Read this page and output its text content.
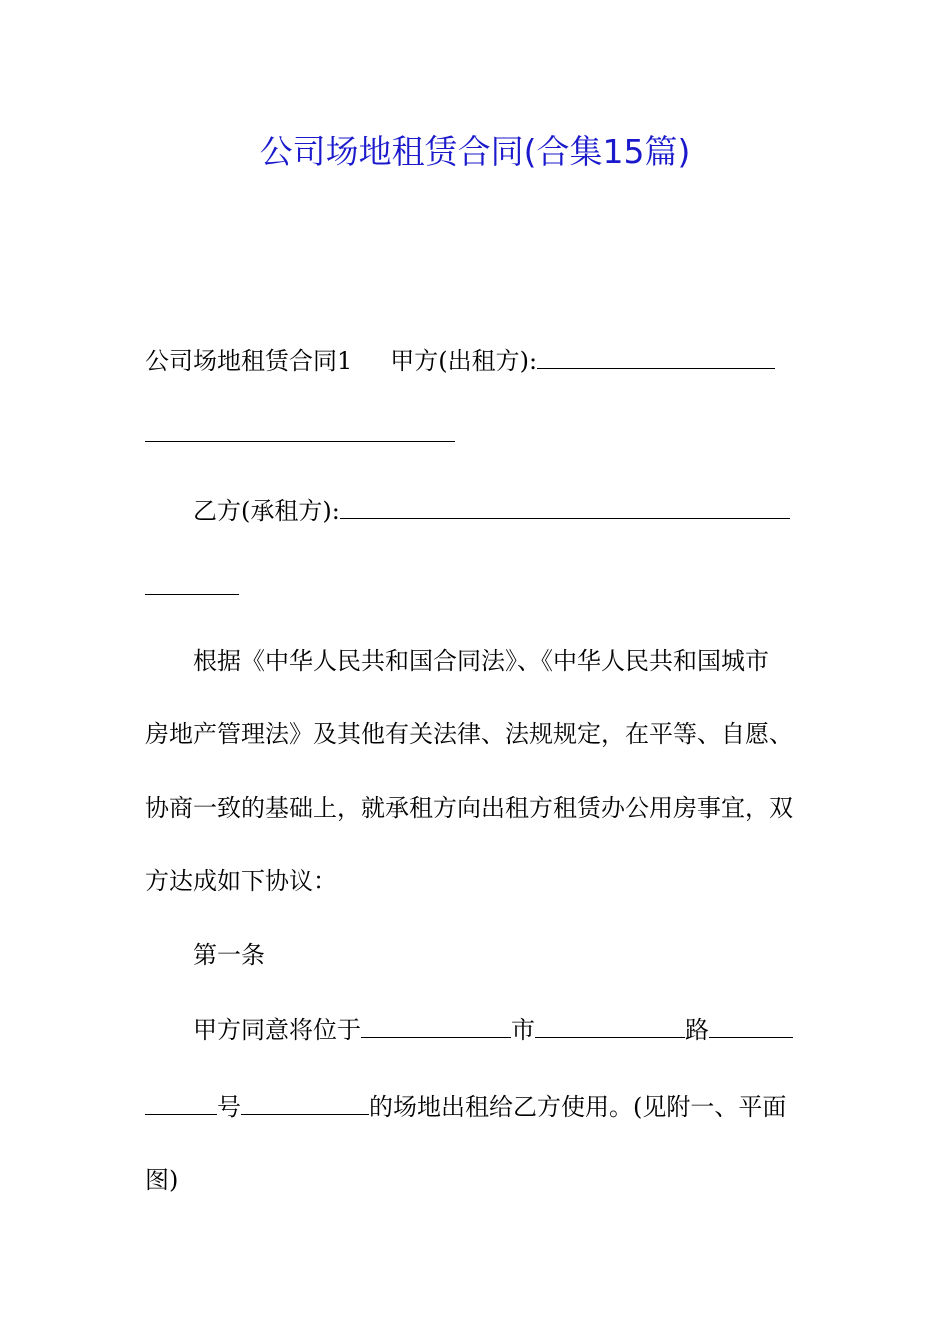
公司场地租赁合同(合集15篇)
公司场地租赁合同1 甲方(出租方):
乙方(承租方):
根据《中华人民共和国合同法》、《中华人民共和国城市
房地产管理法》及其他有关法律、法规规定，在平等、自愿、
协商一致的基础上，就承租方向出租方租赁办公用房事宜，双
方达成如下协议：
第一条
甲方同意将位于	市	路
号	的场地出租给乙方使用。(见附一、平面
图)
